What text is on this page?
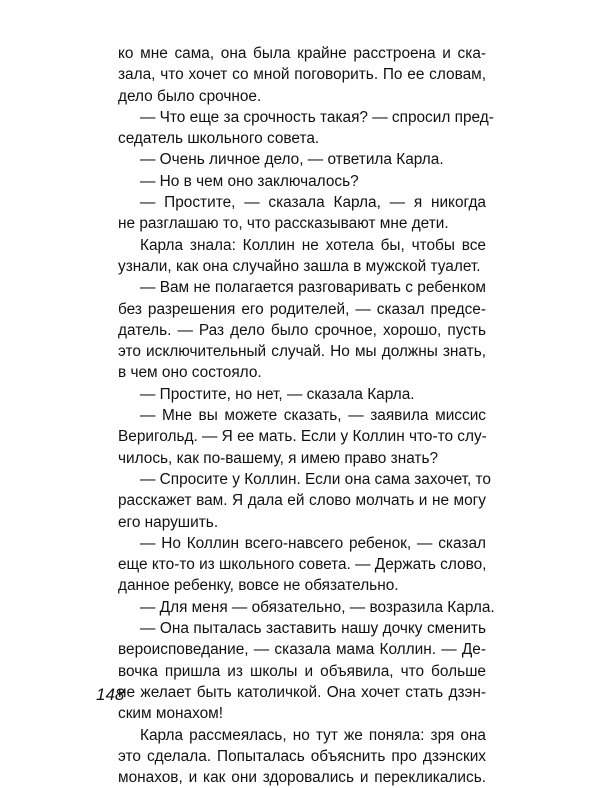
ко мне сама, она была крайне расстроена и ска-
зала, что хочет со мной поговорить. По ее словам,
дело было срочное.
— Что еще за срочность такая? — спросил пред-
седатель школьного совета.
— Очень личное дело, — ответила Карла.
— Но в чем оно заключалось?
— Простите, — сказала Карла, — я никогда
не разглашаю то, что рассказывают мне дети.
Карла знала: Коллин не хотела бы, чтобы все
узнали, как она случайно зашла в мужской туалет.
— Вам не полагается разговаривать с ребенком
без разрешения его родителей, — сказал предсе-
датель. — Раз дело было срочное, хорошо, пусть
это исключительный случай. Но мы должны знать,
в чем оно состояло.
— Простите, но нет, — сказала Карла.
— Мне вы можете сказать, — заявила миссис
Веригольд. — Я ее мать. Если у Коллин что-то слу-
чилось, как по-вашему, я имею право знать?
— Спросите у Коллин. Если она сама захочет, то
расскажет вам. Я дала ей слово молчать и не могу
его нарушить.
— Но Коллин всего-навсего ребенок, — сказал
еще кто-то из школьного совета. — Держать слово,
данное ребенку, вовсе не обязательно.
— Для меня — обязательно, — возразила Карла.
— Она пыталась заставить нашу дочку сменить
вероисповедание, — сказала мама Коллин. — Де-
вочка пришла из школы и объявила, что больше
не желает быть католичкой. Она хочет стать дзэн-
ским монахом!
Карла рассмеялась, но тут же поняла: зря она
это сделала. Попыталась объяснить про дзэнских
монахов, и как они здоровались и перекликались.
148
